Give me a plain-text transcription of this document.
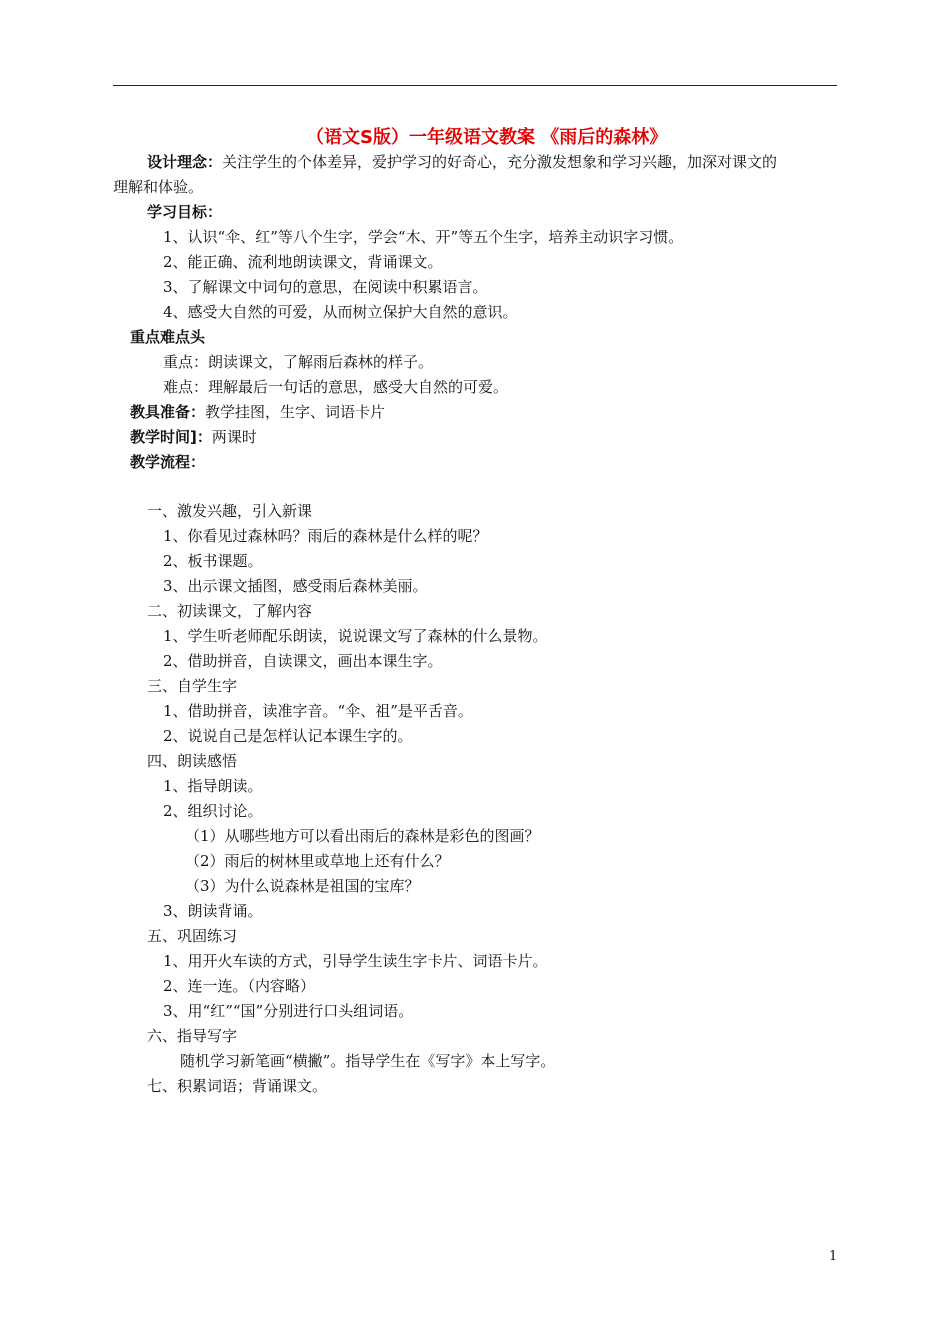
（语文S版）一年级语文教案 《雨后的森林》
设计理念：关注学生的个体差异，爱护学习的好奇心，充分激发想象和学习兴趣，加深对课文的
理解和体验。
学习目标：
1、认识“伞、红”等八个生字，学会“木、开”等五个生字，培养主动识字习惯。
2、能正确、流利地朗读课文，背诵课文。
3、了解课文中词句的意思，在阅读中积累语言。
4、感受大自然的可爱，从而树立保护大自然的意识。
重点难点头
重点：朗读课文，了解雨后森林的样子。
难点：理解最后一句话的意思，感受大自然的可爱。
教具准备：教学挂图，生字、词语卡片
教学时间]：两课时
教学流程：
一、激发兴趣，引入新课
1、你看见过森林吗？雨后的森林是什么样的呢？
2、板书课题。
3、出示课文插图，感受雨后森林美丽。
二、初读课文，了解内容
1、学生听老师配乐朗读，说说课文写了森林的什么景物。
2、借助拼音，自读课文，画出本课生字。
三、自学生字
1、借助拼音，读准字音。“伞、祖”是平舌音。
2、说说自己是怎样认记本课生字的。
四、朗读感悟
1、指导朗读。
2、组织讨论。
（1）从哪些地方可以看出雨后的森林是彩色的图画？
（2）雨后的树林里或草地上还有什么？
（3）为什么说森林是祖国的宝库？
3、朗读背诵。
五、巩固练习
1、用开火车读的方式，引导学生读生字卡片、词语卡片。
2、连一连。（内容略）
3、用“红”“国”分别进行口头组词语。
六、指导写字
随机学习新笔画“横撇”。指导学生在《写字》本上写字。
七、积累词语；背诵课文。
1
